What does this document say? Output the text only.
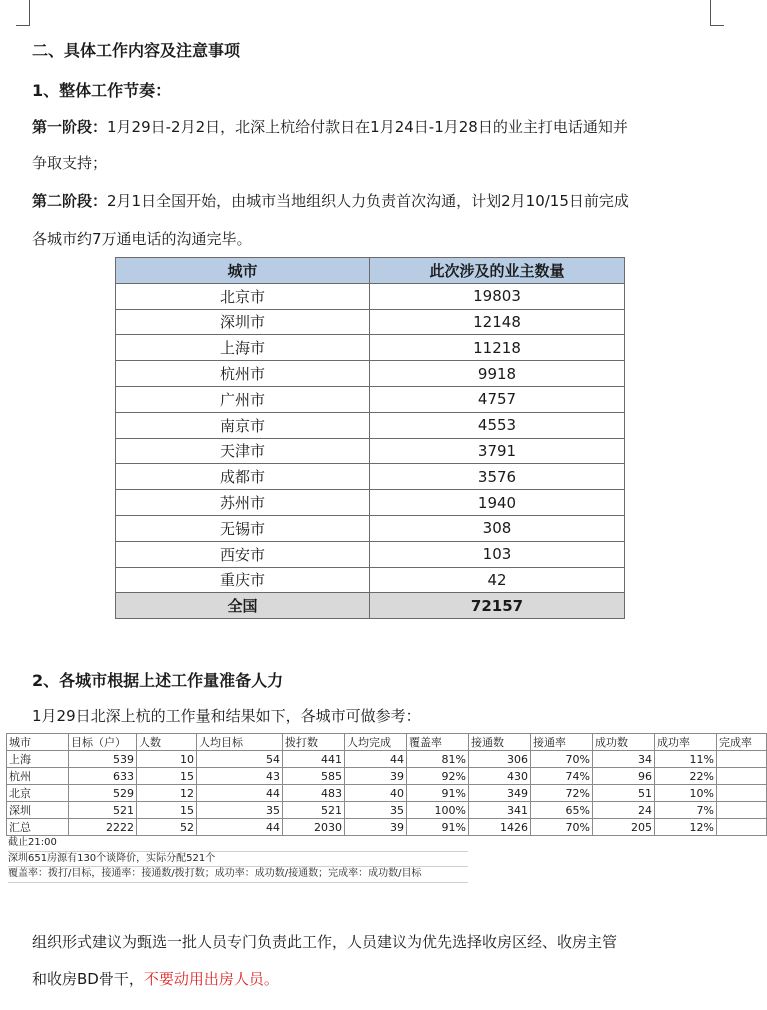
二、具体工作内容及注意事项
1、整体工作节奏：
第一阶段：1月29日-2月2日，北深上杭给付款日在1月24日-1月28日的业主打电话通知并
争取支持；
第二阶段：2月1日全国开始，由城市当地组织人力负责首次沟通，计划2月10/15日前完成
各城市约7万通电话的沟通完毕。
城市	此次涉及的业主数量
北京市	19803
深圳市	12148
上海市	11218
杭州市	9918
广州市	4757
南京市	4553
天津市	3791
成都市	3576
苏州市	1940
无锡市	308
西安市	103
重庆市	42
全国	72157
2、各城市根据上述工作量准备人力
1月29日北深上杭的工作量和结果如下，各城市可做参考：
城市	目标（户）	人数	人均目标	拨打数	人均完成	覆盖率	接通数	接通率	成功数	成功率	完成率
上海	539	10	54	441	44	81%	306	70%	34	11%	
杭州	633	15	43	585	39	92%	430	74%	96	22%	
北京	529	12	44	483	40	91%	349	72%	51	10%	
深圳	521	15	35	521	35	100%	341	65%	24	7%	
汇总	2222	52	44	2030	39	91%	1426	70%	205	12%	
截止21:00
深圳651房源有130个谈降价，实际分配521个
覆盖率：拨打/目标，接通率：接通数/拨打数；成功率：成功数/接通数；完成率：成功数/目标
组织形式建议为甄选一批人员专门负责此工作，人员建议为优先选择收房区经、收房主管
和收房BD骨干，不要动用出房人员。
